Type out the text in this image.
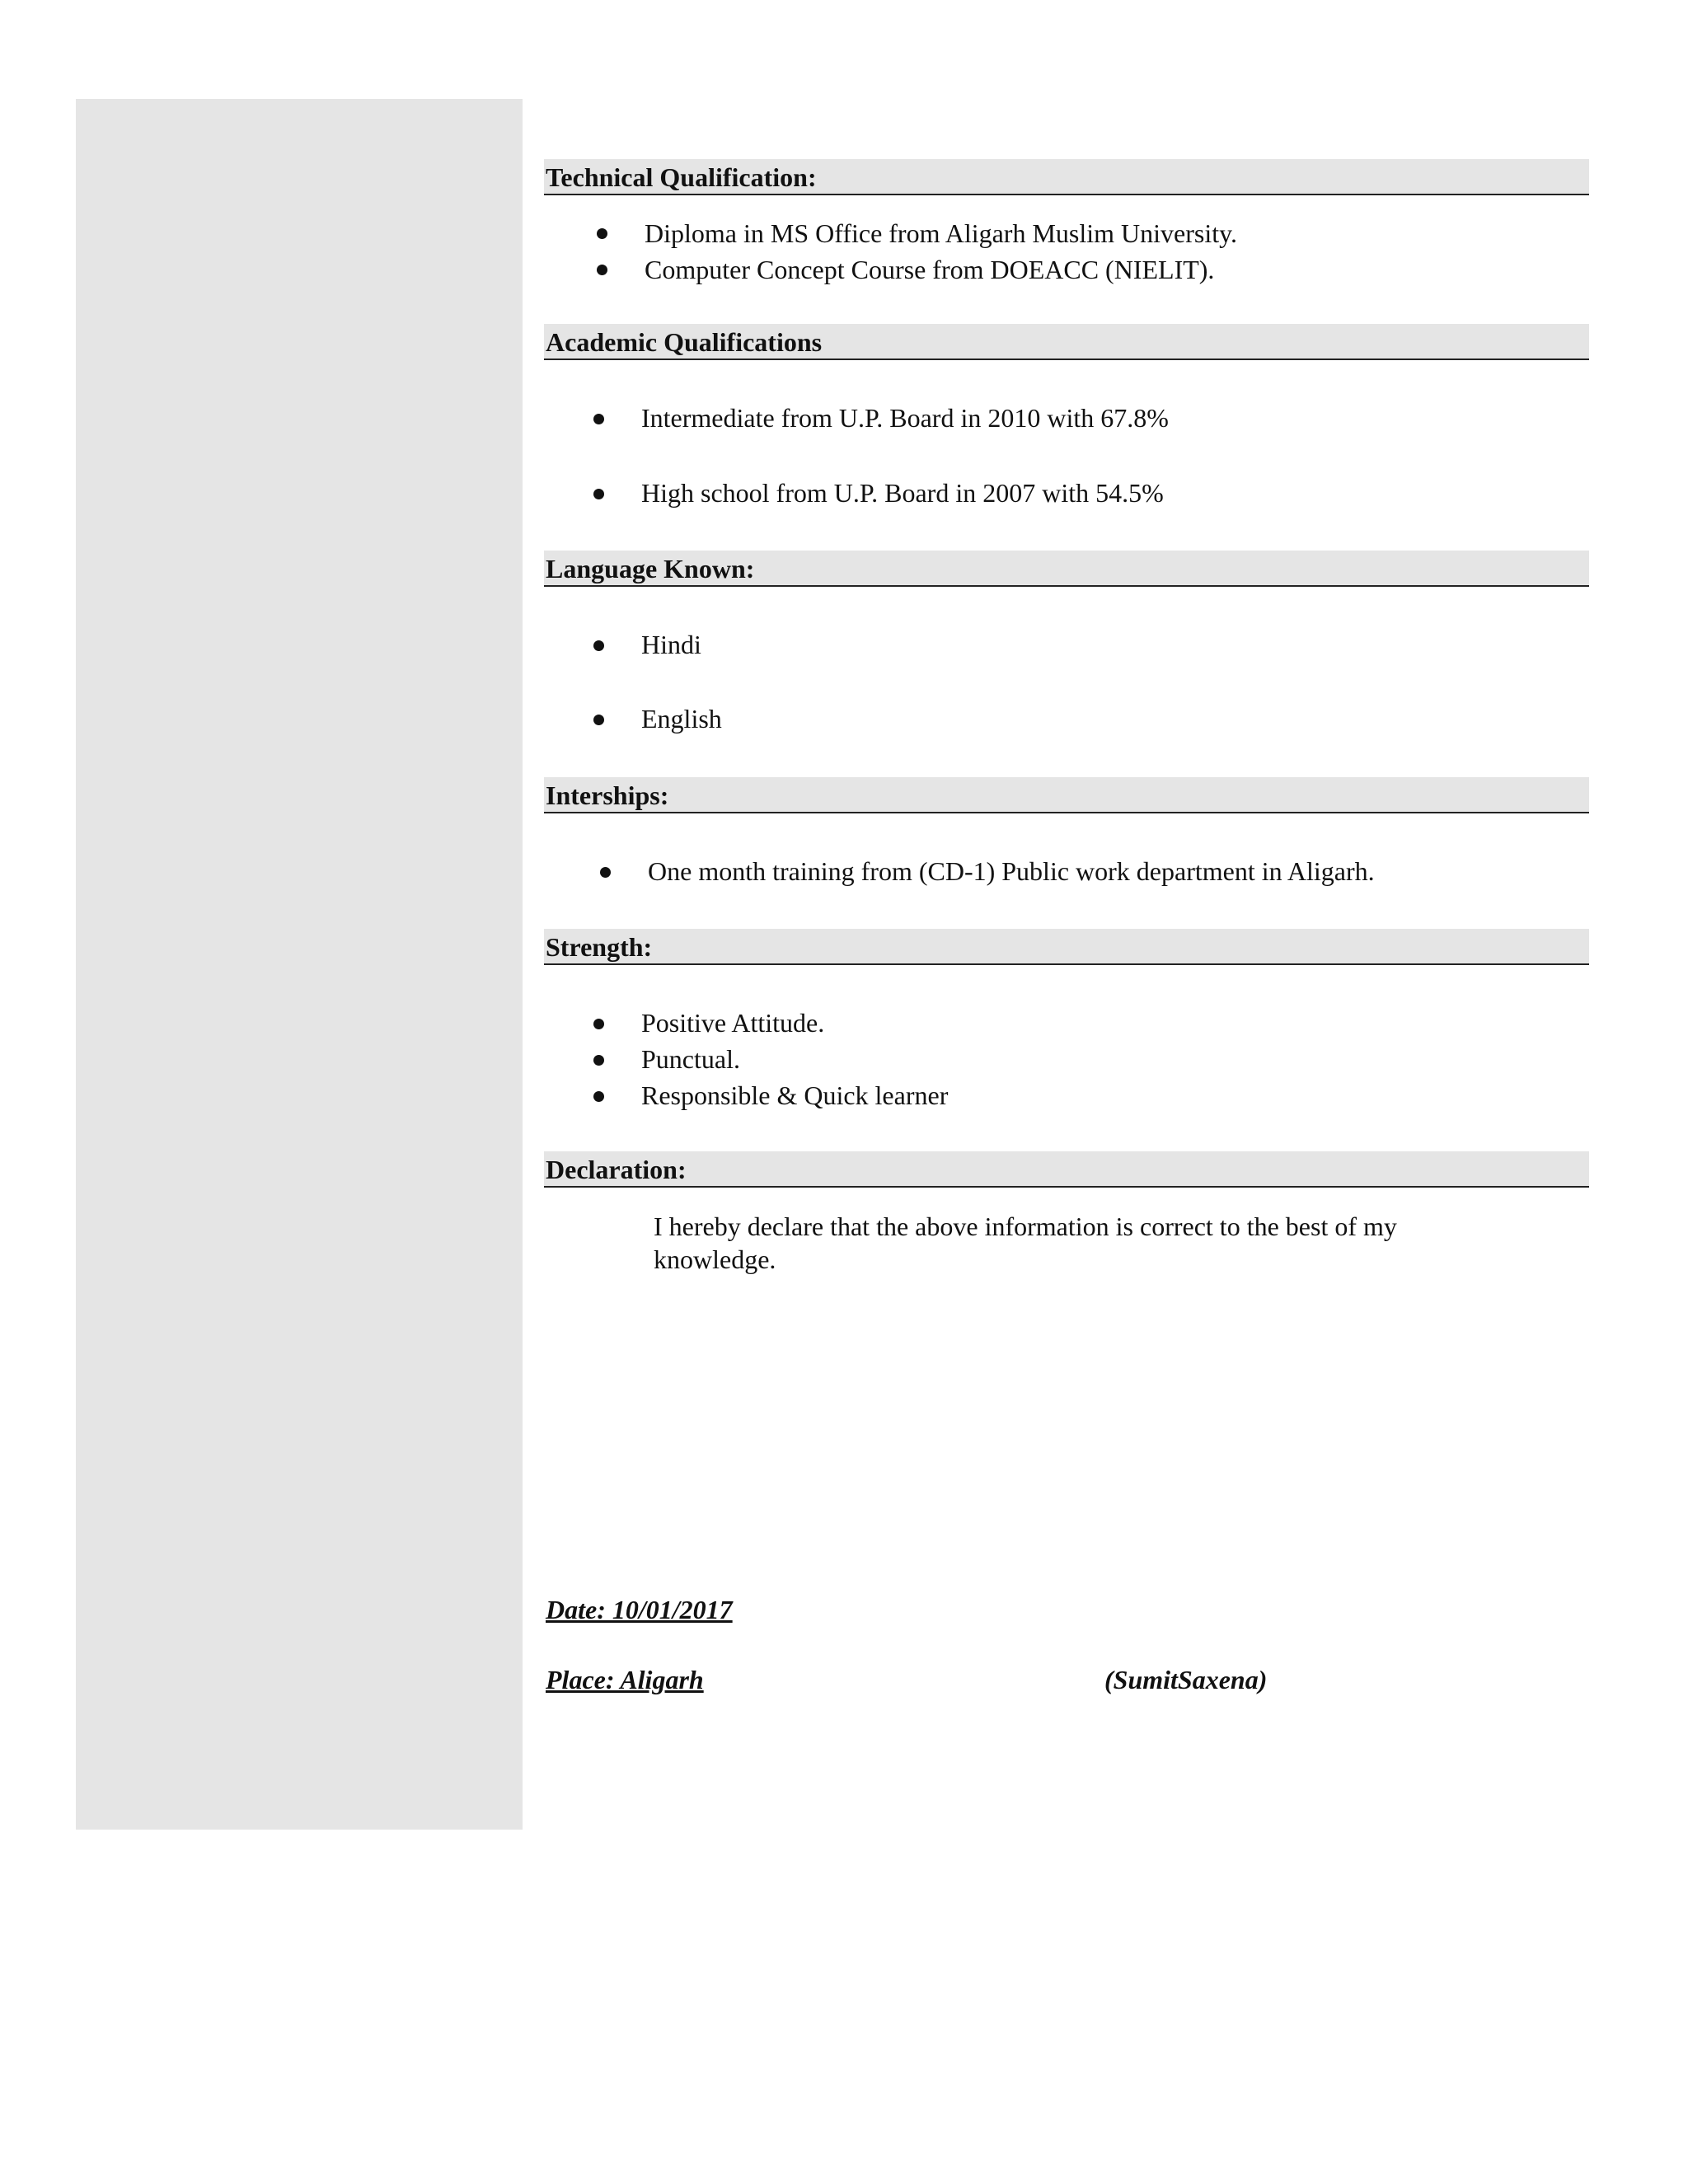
Technical Qualification:
Diploma in MS Office from Aligarh Muslim University.
Computer Concept Course from DOEACC (NIELIT).
Academic Qualifications
Intermediate from U.P. Board in 2010 with 67.8%
High school from U.P. Board in 2007 with 54.5%
Language Known:
Hindi
English
Interships:
One month training from (CD-1) Public work department in Aligarh.
Strength:
Positive Attitude.
Punctual.
Responsible & Quick learner
Declaration:
I hereby declare that the above information is correct to the best of my
knowledge.
Date: 10/01/2017
Place: Aligarh	(SumitSaxena)
